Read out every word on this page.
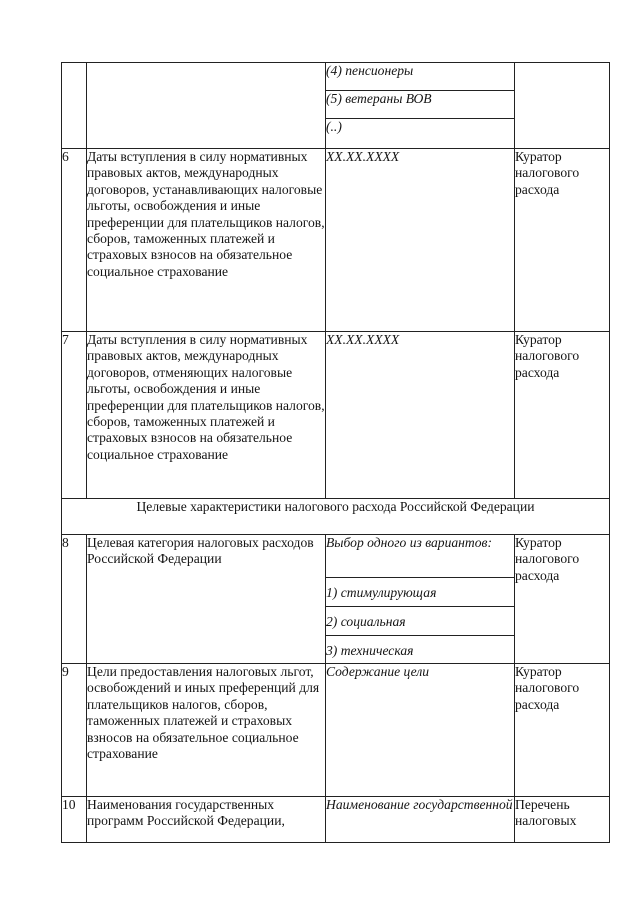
		(4) пенсионеры	
		(5) ветераны ВОВ	
		(..)	
6	Даты вступления в силу нормативных правовых актов, международных договоров, устанавливающих налоговые льготы, освобождения и иные преференции для плательщиков налогов, сборов, таможенных платежей и страховых взносов на обязательное социальное страхование	ХХ.ХХ.ХХХХ	Куратор налогового расхода
7	Даты вступления в силу нормативных правовых актов, международных договоров, отменяющих налоговые льготы, освобождения и иные преференции для плательщиков налогов, сборов, таможенных платежей и страховых взносов на обязательное социальное страхование	ХХ.ХХ.ХХХХ	Куратор налогового расхода
Целевые характеристики налогового расхода Российской Федерации			
8	Целевая категория налоговых расходов Российской Федерации	Выбор одного из вариантов:	Куратор налогового расхода
		1) стимулирующая	
		2) социальная	
		3) техническая	
9	Цели предоставления налоговых льгот, освобождений и иных преференций для плательщиков налогов, сборов, таможенных платежей и страховых взносов на обязательное социальное страхование	Содержание цели	Куратор налогового расхода
10	Наименования государственных программ Российской Федерации,	Наименование государственной	Перечень налоговых
